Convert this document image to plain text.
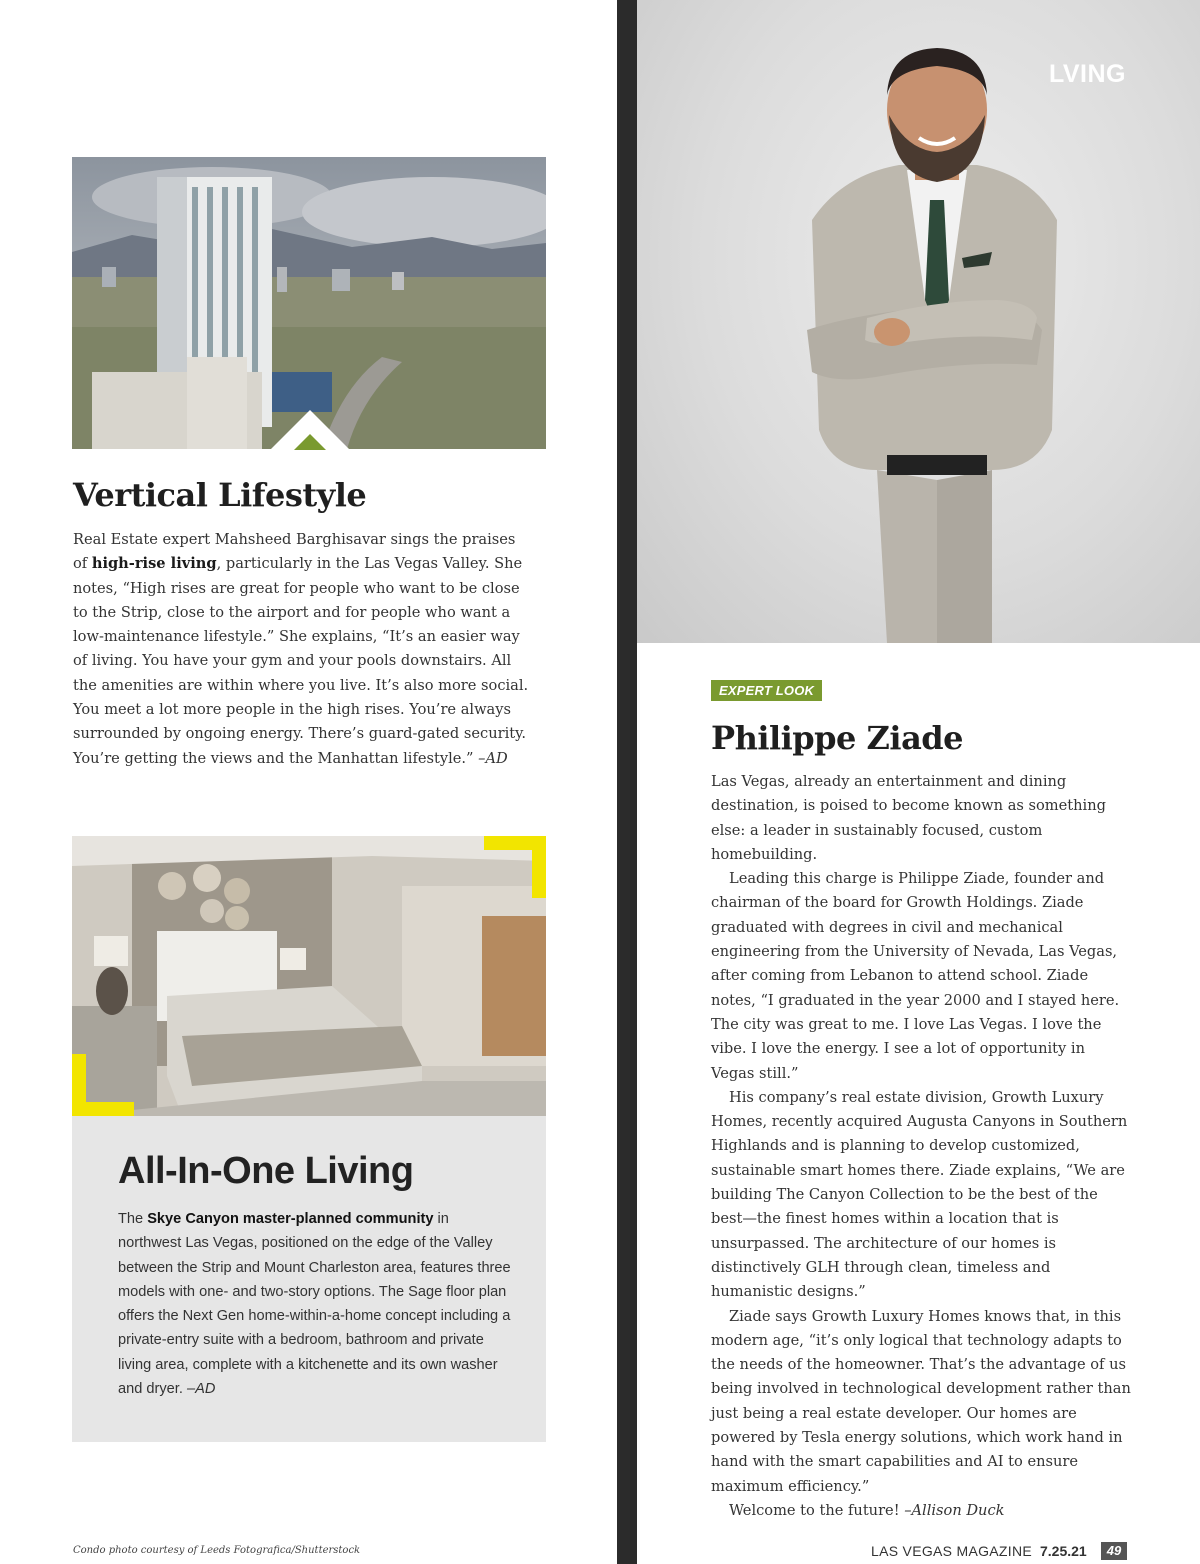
LVING
Vertical Lifestyle
Real Estate expert Mahsheed Barghisavar sings the praises of high-rise living, particularly in the Las Vegas Valley. She notes, “High rises are great for people who want to be close to the Strip, close to the airport and for people who want a low-maintenance lifestyle.” She explains, “It’s an easier way of living. You have your gym and your pools downstairs. All the amenities are within where you live. It’s also more social. You meet a lot more people in the high rises. You’re always surrounded by ongoing energy. There’s guard-gated security. You’re getting the views and the Manhattan lifestyle.” –AD
All-In-One Living
The Skye Canyon master-planned community in northwest Las Vegas, positioned on the edge of the Valley between the Strip and Mount Charleston area, features three models with one- and two-story options. The Sage floor plan offers the Next Gen home-within-a-home concept including a private-entry suite with a bedroom, bathroom and private living area, complete with a kitchenette and its own washer and dryer. –AD
EXPERT LOOK
Philippe Ziade

Las Vegas, already an entertainment and dining destination, is poised to become known as something else: a leader in sustainably focused, custom homebuilding.

Leading this charge is Philippe Ziade, founder and chairman of the board for Growth Holdings. Ziade graduated with degrees in civil and mechanical engineering from the University of Nevada, Las Vegas, after coming from Lebanon to attend school. Ziade notes, “I graduated in the year 2000 and I stayed here. The city was great to me. I love Las Vegas. I love the vibe. I love the energy. I see a lot of opportunity in Vegas still.”

His company’s real estate division, Growth Luxury Homes, recently acquired Augusta Canyons in Southern Highlands and is planning to develop customized, sustainable smart homes there. Ziade explains, “We are building The Canyon Collection to be the best of the best—the finest homes within a location that is unsurpassed. The architecture of our homes is distinctively GLH through clean, timeless and humanistic designs.”

Ziade says Growth Luxury Homes knows that, in this modern age, “it’s only logical that technology adapts to the needs of the homeowner. That’s the advantage of us being involved in technological development rather than just being a real estate developer. Our homes are powered by Tesla energy solutions, which work hand in hand with the smart capabilities and AI to ensure maximum efficiency.”

Welcome to the future! –Allison Duck

Condo photo courtesy of Leeds Fotografica/Shutterstock	LAS VEGAS MAGAZINE 7.25.21	49
